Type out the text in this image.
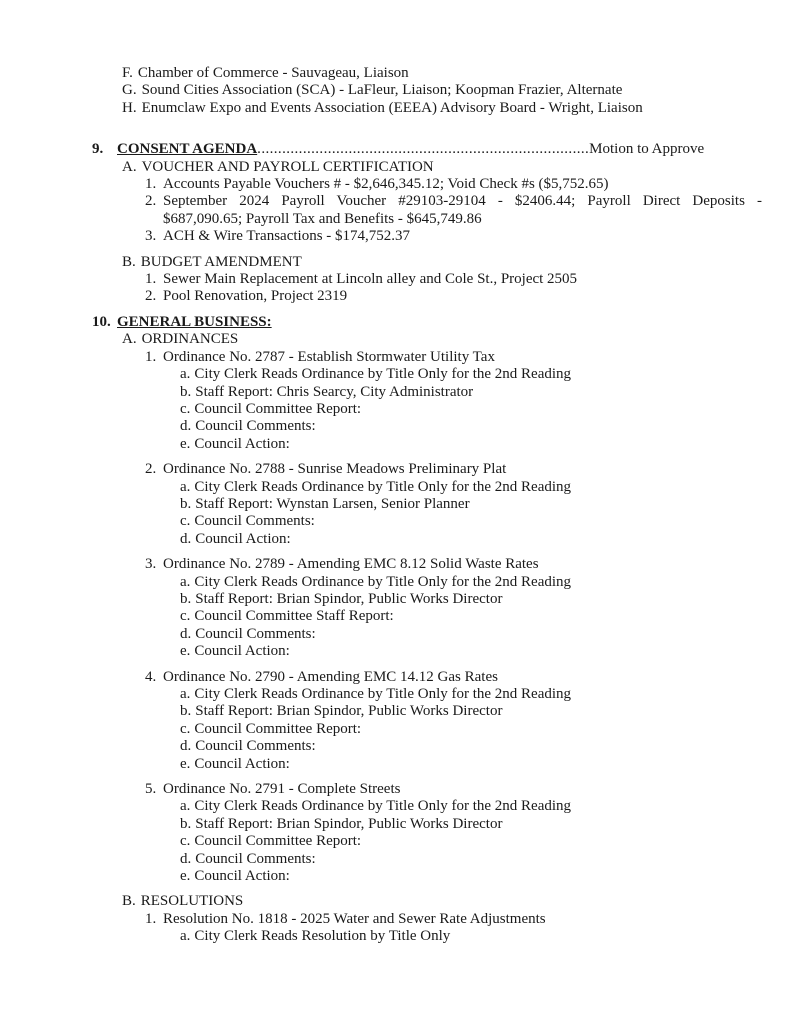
F. Chamber of Commerce - Sauvageau, Liaison
G. Sound Cities Association (SCA) - LaFleur, Liaison; Koopman Frazier, Alternate
H. Enumclaw Expo and Events Association (EEEA) Advisory Board - Wright, Liaison
9. CONSENT AGENDA................................................................................Motion to Approve
A. VOUCHER AND PAYROLL CERTIFICATION
1. Accounts Payable Vouchers # - $2,646,345.12; Void Check #s ($5,752.65)
2. September 2024 Payroll Voucher #29103-29104 - $2406.44; Payroll Direct Deposits -
$687,090.65; Payroll Tax and Benefits - $645,749.86
3. ACH & Wire Transactions - $174,752.37
B. BUDGET AMENDMENT
1. Sewer Main Replacement at Lincoln alley and Cole St., Project 2505
2. Pool Renovation, Project 2319
10. GENERAL BUSINESS:
A. ORDINANCES
1. Ordinance No. 2787 - Establish Stormwater Utility Tax
a. City Clerk Reads Ordinance by Title Only for the 2nd Reading
b. Staff Report: Chris Searcy, City Administrator
c. Council Committee Report:
d. Council Comments:
e. Council Action:
2. Ordinance No. 2788 - Sunrise Meadows Preliminary Plat
a. City Clerk Reads Ordinance by Title Only for the 2nd Reading
b. Staff Report: Wynstan Larsen, Senior Planner
c. Council Comments:
d. Council Action:
3. Ordinance No. 2789 - Amending EMC 8.12 Solid Waste Rates
a. City Clerk Reads Ordinance by Title Only for the 2nd Reading
b. Staff Report: Brian Spindor, Public Works Director
c. Council Committee Staff Report:
d. Council Comments:
e. Council Action:
4. Ordinance No. 2790 - Amending EMC 14.12 Gas Rates
a. City Clerk Reads Ordinance by Title Only for the 2nd Reading
b. Staff Report: Brian Spindor, Public Works Director
c. Council Committee Report:
d. Council Comments:
e. Council Action:
5. Ordinance No. 2791 - Complete Streets
a. City Clerk Reads Ordinance by Title Only for the 2nd Reading
b. Staff Report: Brian Spindor, Public Works Director
c. Council Committee Report:
d. Council Comments:
e. Council Action:
B. RESOLUTIONS
1. Resolution No. 1818 - 2025 Water and Sewer Rate Adjustments
a. City Clerk Reads Resolution by Title Only
